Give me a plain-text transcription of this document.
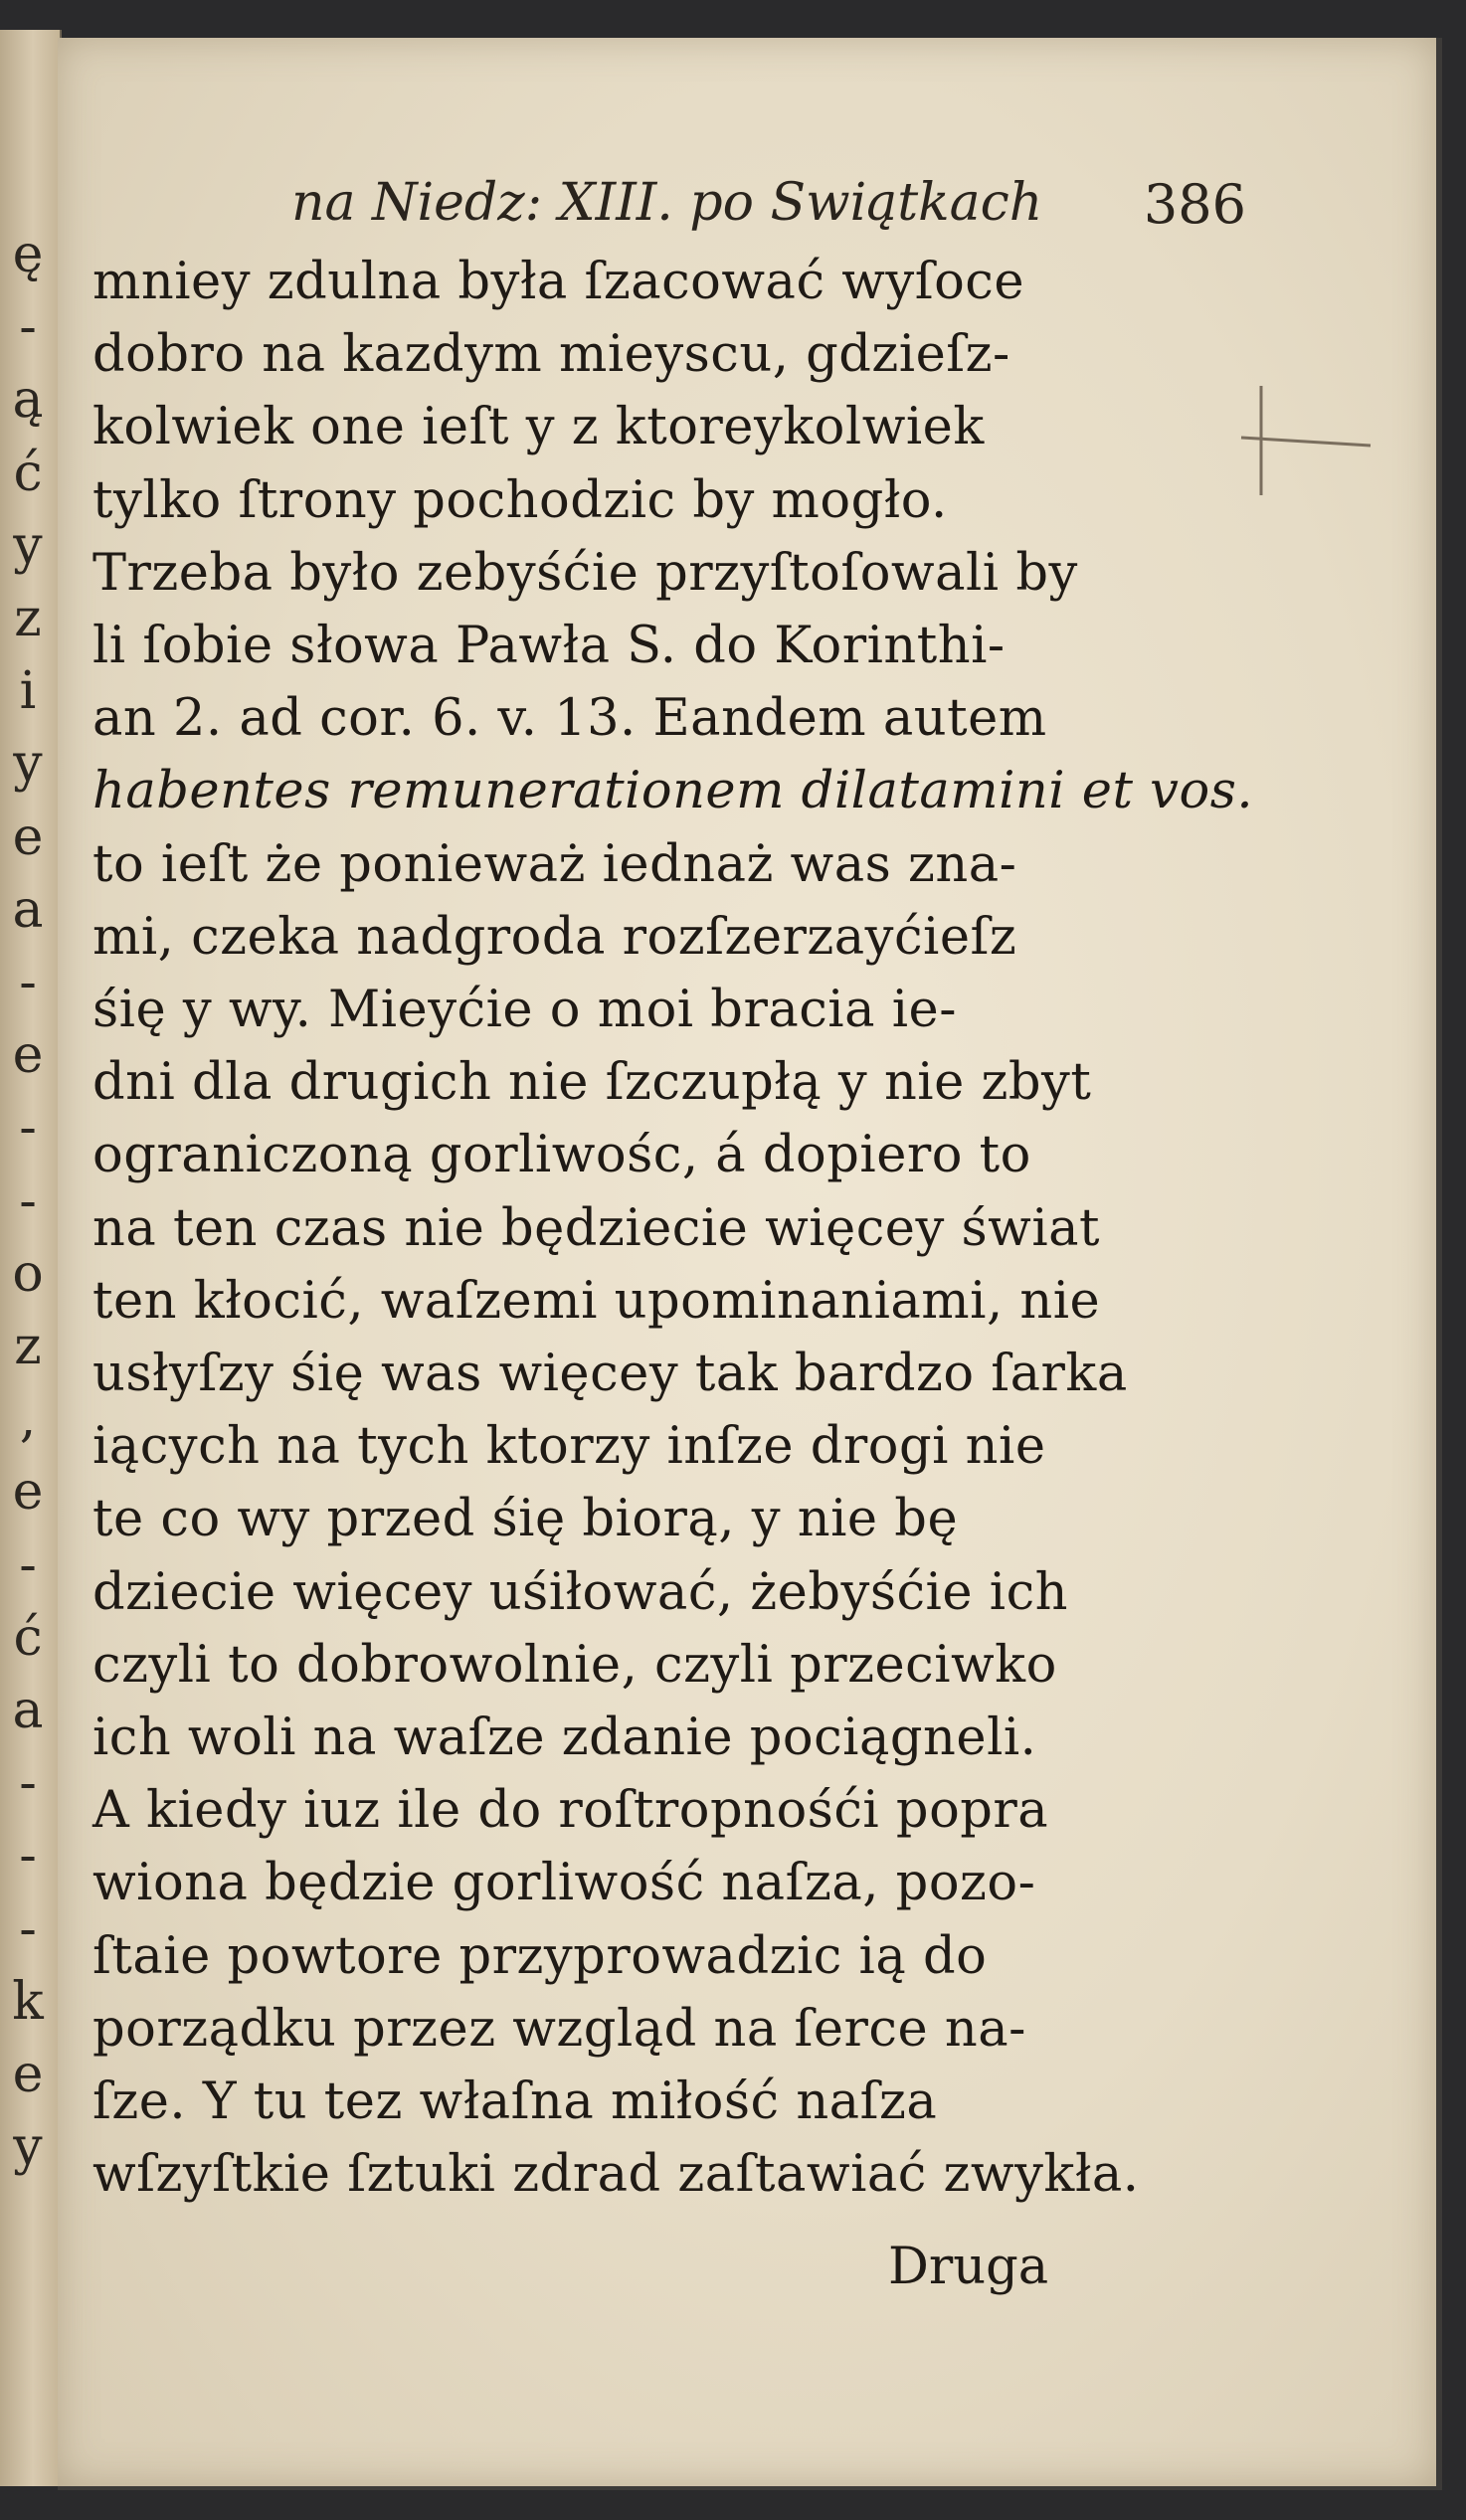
ę
-
ą
ć
y
z
i
y
e
a
-
e
-
-
o
z
,
e
-
ć
a
-
-
-
k
e
y
na Niedz: XIII. po Swiątkach 386
mniey zdulna była ſzacować wyſoce
dobro na kazdym mieyscu, gdzieſz-
kolwiek one ieſt y z ktoreykolwiek
tylko ſtrony pochodzic by mogło.
Trzeba było zebyśćie przyſtoſowali by
li ſobie słowa Pawła S. do Korinthi-
an 2. ad cor. 6. v. 13. Eandem autem
habentes remunerationem dilatamini et vos.
to ieſt że ponieważ iednaż was zna-
mi, czeka nadgroda rozſzerzayćieſz
śię y wy. Mieyćie o moi bracia ie-
dni dla drugich nie ſzczupłą y nie zbyt
ograniczoną gorliwośc, á dopiero to
na ten czas nie będziecie więcey świat
ten kłocić, waſzemi upominaniami, nie
usłyſzy śię was więcey tak bardzo ſarka
iących na tych ktorzy inſze drogi nie
te co wy przed śię biorą, y nie bę
dziecie więcey uśiłować, żebyśćie ich
czyli to dobrowolnie, czyli przeciwko
ich woli na waſze zdanie pociągneli.
A kiedy iuz ile do roſtropnośći popra
wiona będzie gorliwość naſza, pozo-
ſtaie powtore przyprowadzic ią do
porządku przez wzgląd na ſerce na-
ſze. Y tu tez właſna miłość naſza
wſzyſtkie ſztuki zdrad zaſtawiać zwykła.
Druga
